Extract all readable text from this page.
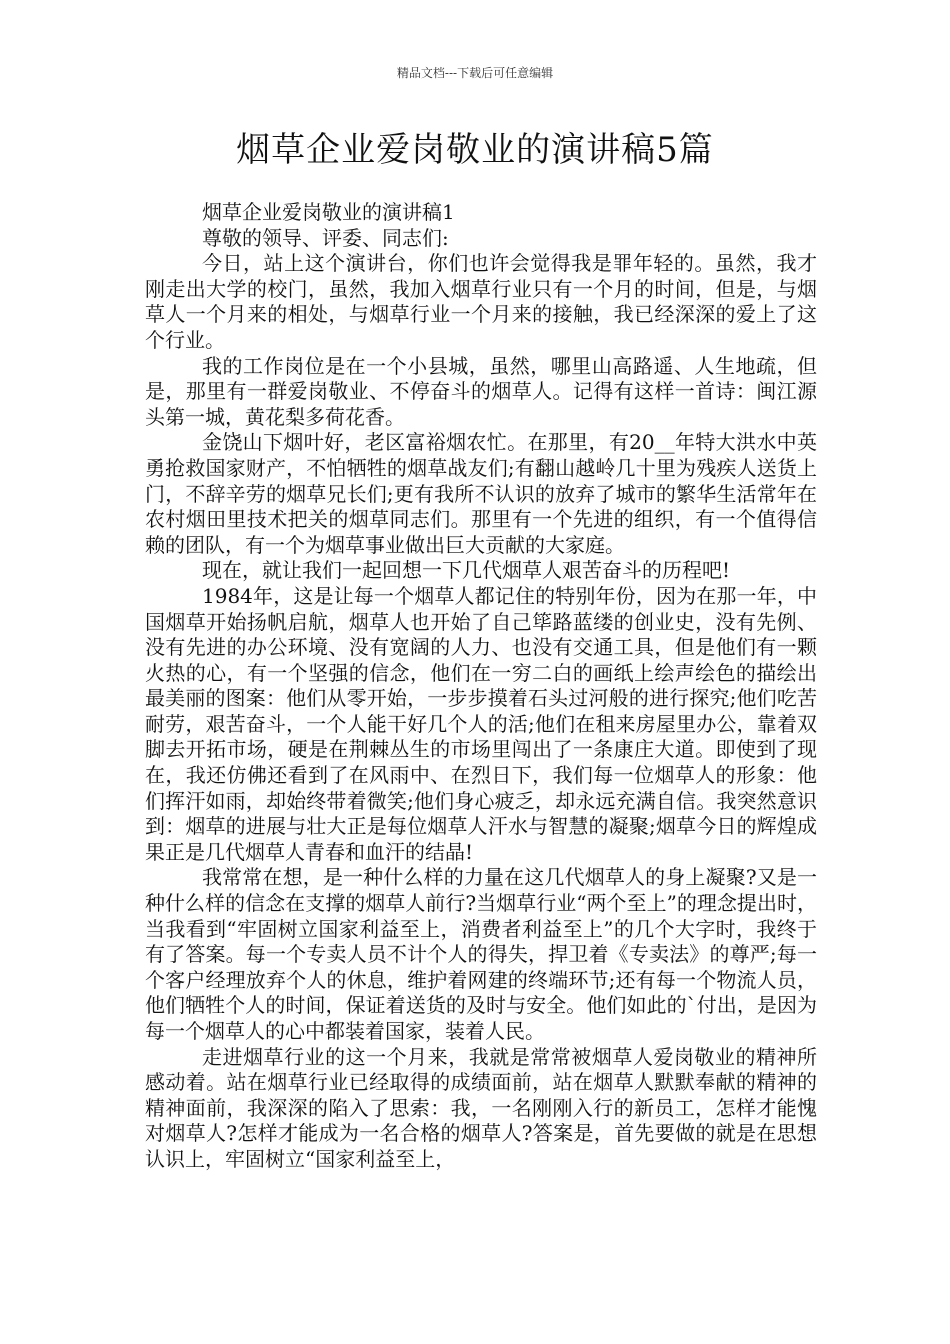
精品文档---下载后可任意编辑
烟草企业爱岗敬业的演讲稿5篇

烟草企业爱岗敬业的演讲稿1

尊敬的领导、评委、同志们:

今日，站上这个演讲台，你们也许会觉得我是罪年轻的。虽然，我才刚走出大学的校门，虽然，我加入烟草行业只有一个月的时间，但是，与烟草人一个月来的相处，与烟草行业一个月来的接触，我已经深深的爱上了这个行业。

我的工作岗位是在一个小县城，虽然，哪里山高路遥、人生地疏，但是，那里有一群爱岗敬业、不停奋斗的烟草人。记得有这样一首诗：闽江源头第一城，黄花梨多荷花香。

金饶山下烟叶好，老区富裕烟农忙。在那里，有20__年特大洪水中英勇抢救国家财产，不怕牺牲的烟草战友们;有翻山越岭几十里为残疾人送货上门，不辞辛劳的烟草兄长们;更有我所不认识的放弃了城市的繁华生活常年在农村烟田里技术把关的烟草同志们。那里有一个先进的组织，有一个值得信赖的团队，有一个为烟草事业做出巨大贡献的大家庭。

现在，就让我们一起回想一下几代烟草人艰苦奋斗的历程吧!

1984年，这是让每一个烟草人都记住的特别年份，因为在那一年，中国烟草开始扬帆启航，烟草人也开始了自己筚路蓝缕的创业史，没有先例、没有先进的办公环境、没有宽阔的人力、也没有交通工具，但是他们有一颗火热的心，有一个坚强的信念，他们在一穷二白的画纸上绘声绘色的描绘出最美丽的图案：他们从零开始，一步步摸着石头过河般的进行探究;他们吃苦耐劳，艰苦奋斗，一个人能干好几个人的活;他们在租来房屋里办公，靠着双脚去开拓市场，硬是在荆棘丛生的市场里闯出了一条康庄大道。即使到了现在，我还仿佛还看到了在风雨中、在烈日下，我们每一位烟草人的形象：他们挥汗如雨，却始终带着微笑;他们身心疲乏，却永远充满自信。我突然意识到：烟草的进展与壮大正是每位烟草人汗水与智慧的凝聚;烟草今日的辉煌成果正是几代烟草人青春和血汗的结晶!

我常常在想，是一种什么样的力量在这几代烟草人的身上凝聚?又是一种什么样的信念在支撑的烟草人前行?当烟草行业“两个至上”的理念提出时，当我看到“牢固树立国家利益至上，消费者利益至上”的几个大字时，我终于有了答案。每一个专卖人员不计个人的得失，捍卫着《专卖法》的尊严;每一个客户经理放弃个人的休息，维护着网建的终端环节;还有每一个物流人员，他们牺牲个人的时间，保证着送货的及时与安全。他们如此的`付出，是因为每一个烟草人的心中都装着国家，装着人民。

走进烟草行业的这一个月来，我就是常常被烟草人爱岗敬业的精神所感动着。站在烟草行业已经取得的成绩面前，站在烟草人默默奉献的精神的精神面前，我深深的陷入了思索：我，一名刚刚入行的新员工，怎样才能愧对烟草人?怎样才能成为一名合格的烟草人?答案是，首先要做的就是在思想认识上，牢固树立“国家利益至上，
